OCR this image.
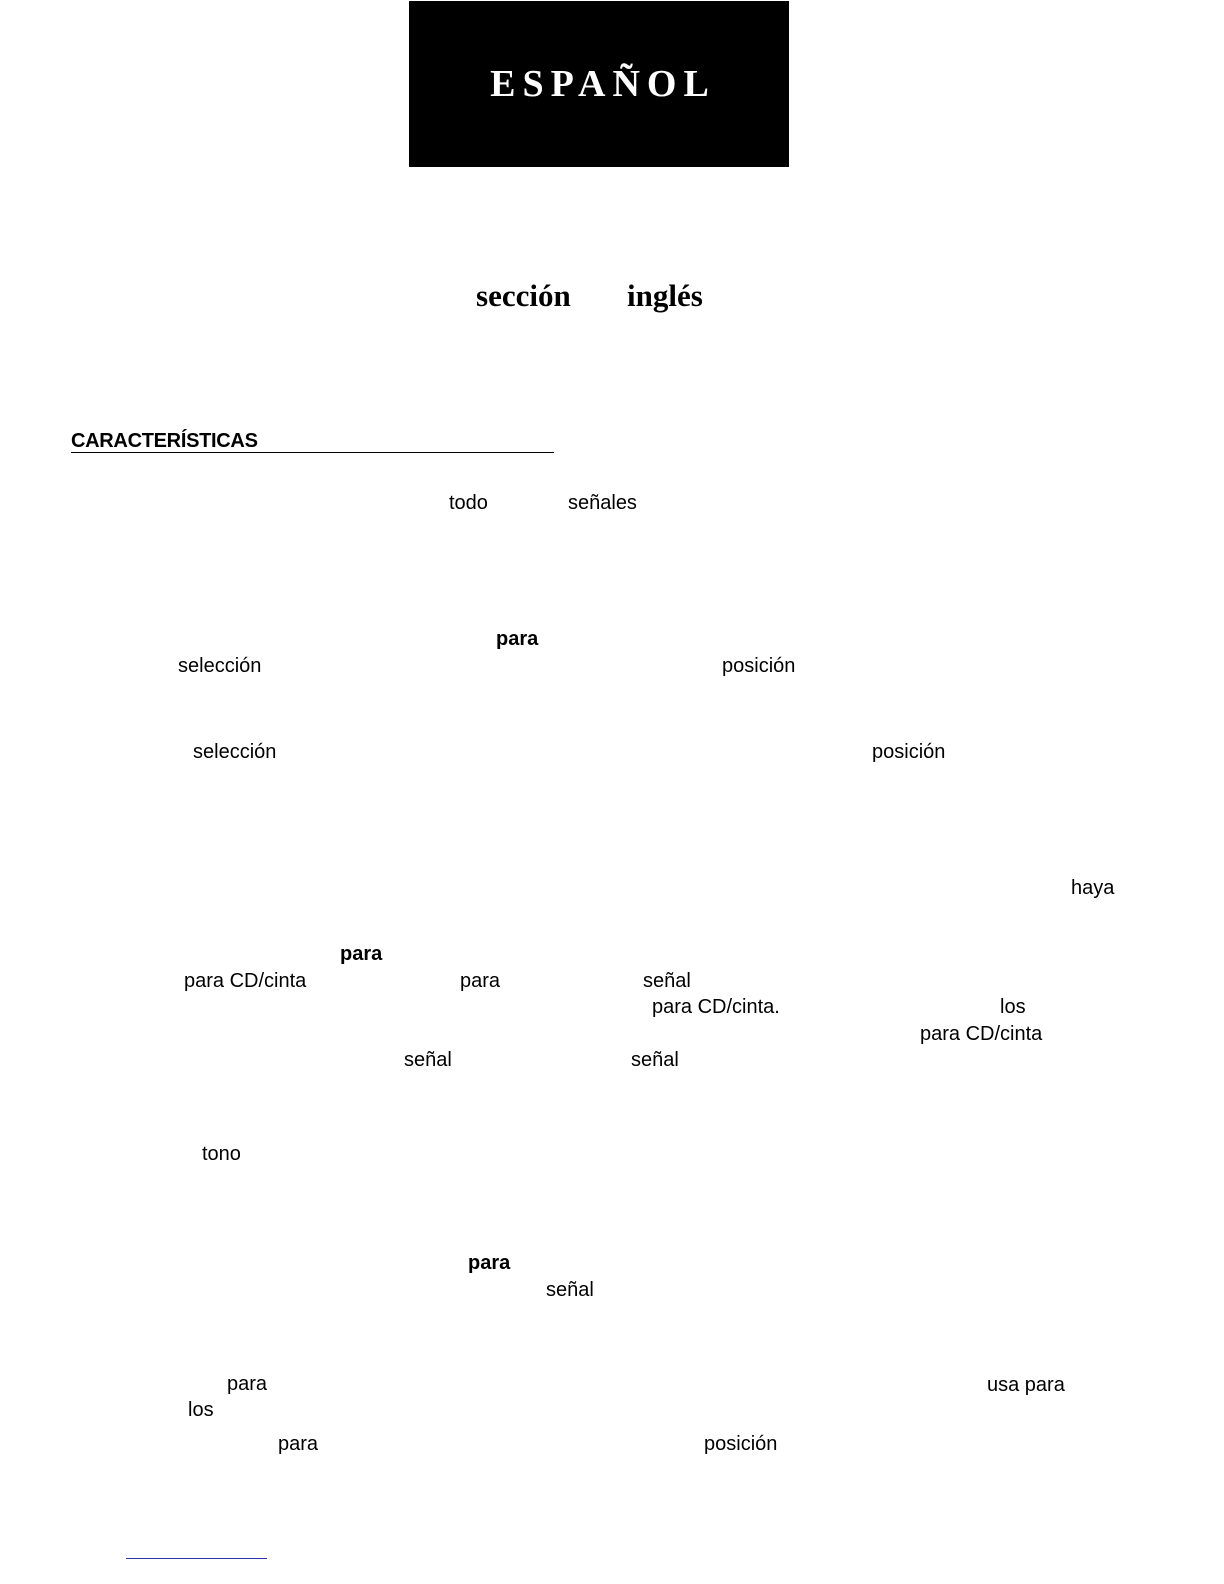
ESPAÑOL
sección inglés
CARACTERÍSTICAS
todo	señales
para
selección	posición
selección	posición
haya
para
para CD/cinta	para	señal
para CD/cinta.	los
para CD/cinta
señal	señal
tono
para
señal
para	usa para
los
para	posición
